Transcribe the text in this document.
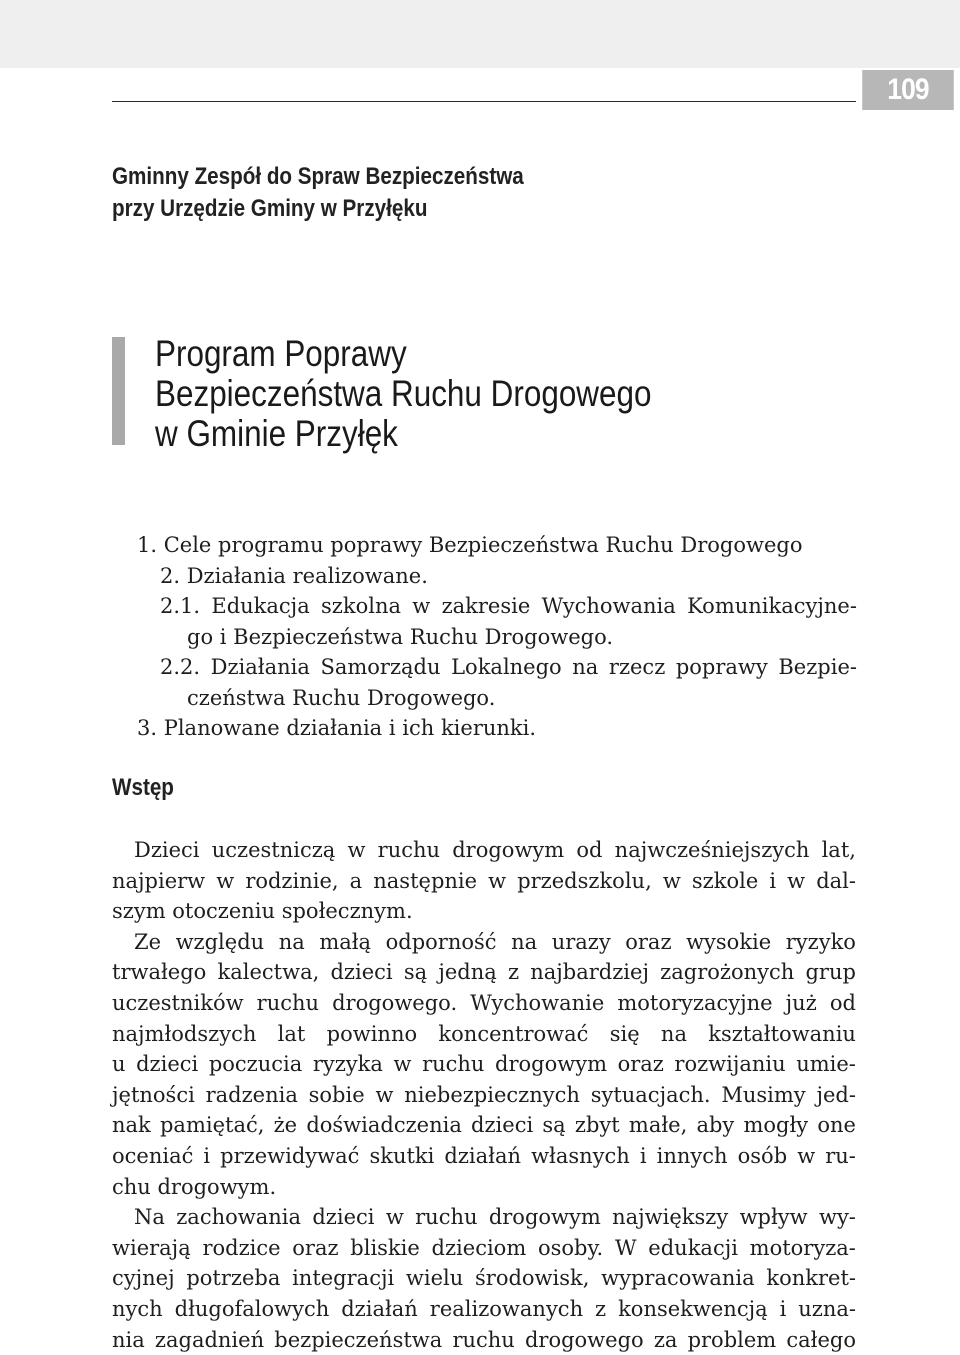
109
Gminny Zespół do Spraw Bezpieczeństwa
przy Urzędzie Gminy w Przyłęku
Program Poprawy
Bezpieczeństwa Ruchu Drogowego
w Gminie Przyłęk
1. Cele programu poprawy Bezpieczeństwa Ruchu Drogowego
2. Działania realizowane.
2.1. Edukacja szkolna w zakresie Wychowania Komunikacyjne-
go i Bezpieczeństwa Ruchu Drogowego.
2.2. Działania Samorządu Lokalnego na rzecz poprawy Bezpie-
czeństwa Ruchu Drogowego.
3. Planowane działania i ich kierunki.
Wstęp
Dzieci uczestniczą w ruchu drogowym od najwcześniejszych lat,
najpierw w rodzinie, a następnie w przedszkolu, w szkole i w dal-
szym otoczeniu społecznym.
Ze względu na małą odporność na urazy oraz wysokie ryzyko
trwałego kalectwa, dzieci są jedną z najbardziej zagrożonych grup
uczestników ruchu drogowego. Wychowanie motoryzacyjne już od
najmłodszych lat powinno koncentrować się na kształtowaniu
u dzieci poczucia ryzyka w ruchu drogowym oraz rozwijaniu umie-
jętności radzenia sobie w niebezpiecznych sytuacjach. Musimy jed-
nak pamiętać, że doświadczenia dzieci są zbyt małe, aby mogły one
oceniać i przewidywać skutki działań własnych i innych osób w ru-
chu drogowym.
Na zachowania dzieci w ruchu drogowym największy wpływ wy-
wierają rodzice oraz bliskie dzieciom osoby. W edukacji motoryza-
cyjnej potrzeba integracji wielu środowisk, wypracowania konkret-
nych długofalowych działań realizowanych z konsekwencją i uzna-
nia zagadnień bezpieczeństwa ruchu drogowego za problem całego
